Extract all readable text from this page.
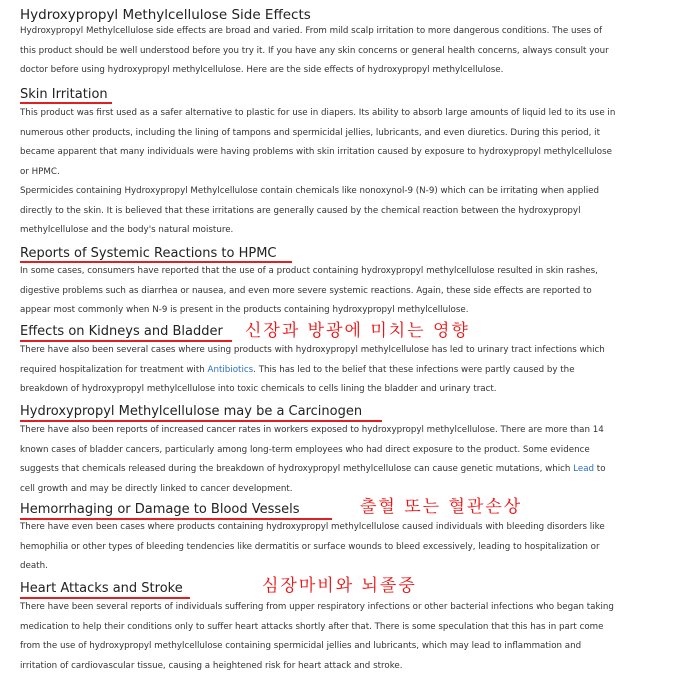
Hydroxypropyl Methylcellulose Side Effects

Hydroxypropyl Methylcellulose side effects are broad and varied. From mild scalp irritation to more dangerous conditions. The uses of
this product should be well understood before you try it. If you have any skin concerns or general health concerns, always consult your
doctor before using hydroxypropyl methylcellulose. Here are the side effects of hydroxypropyl methylcellulose.

Skin Irritation

This product was first used as a safer alternative to plastic for use in diapers. Its ability to absorb large amounts of liquid led to its use in
numerous other products, including the lining of tampons and spermicidal jellies, lubricants, and even diuretics. During this period, it
became apparent that many individuals were having problems with skin irritation caused by exposure to hydroxypropyl methylcellulose
or HPMC.

Spermicides containing Hydroxypropyl Methylcellulose contain chemicals like nonoxynol-9 (N-9) which can be irritating when applied
directly to the skin. It is believed that these irritations are generally caused by the chemical reaction between the hydroxypropyl
methylcellulose and the body's natural moisture.

Reports of Systemic Reactions to HPMC

In some cases, consumers have reported that the use of a product containing hydroxypropyl methylcellulose resulted in skin rashes,
digestive problems such as diarrhea or nausea, and even more severe systemic reactions. Again, these side effects are reported to
appear most commonly when N-9 is present in the products containing hydroxypropyl methylcellulose.

Effects on Kidneys and Bladder 신장과 방광에 미치는 영향

There have also been several cases where using products with hydroxypropyl methylcellulose has led to urinary tract infections which
required hospitalization for treatment with Antibiotics. This has led to the belief that these infections were partly caused by the
breakdown of hydroxypropyl methylcellulose into toxic chemicals to cells lining the bladder and urinary tract.

Hydroxypropyl Methylcellulose may be a Carcinogen

There have also been reports of increased cancer rates in workers exposed to hydroxypropyl methylcellulose. There are more than 14
known cases of bladder cancers, particularly among long-term employees who had direct exposure to the product. Some evidence
suggests that chemicals released during the breakdown of hydroxypropyl methylcellulose can cause genetic mutations, which Lead to
cell growth and may be directly linked to cancer development.

Hemorrhaging or Damage to Blood Vessels	출혈 또는 혈관손상

There have even been cases where products containing hydroxypropyl methylcellulose caused individuals with bleeding disorders like
hemophilia or other types of bleeding tendencies like dermatitis or surface wounds to bleed excessively, leading to hospitalization or
death.

Heart Attacks and Stroke	심장마비와 뇌졸중

There have been several reports of individuals suffering from upper respiratory infections or other bacterial infections who began taking
medication to help their conditions only to suffer heart attacks shortly after that. There is some speculation that this has in part come
from the use of hydroxypropyl methylcellulose containing spermicidal jellies and lubricants, which may lead to inflammation and
irritation of cardiovascular tissue, causing a heightened risk for heart attack and stroke.
